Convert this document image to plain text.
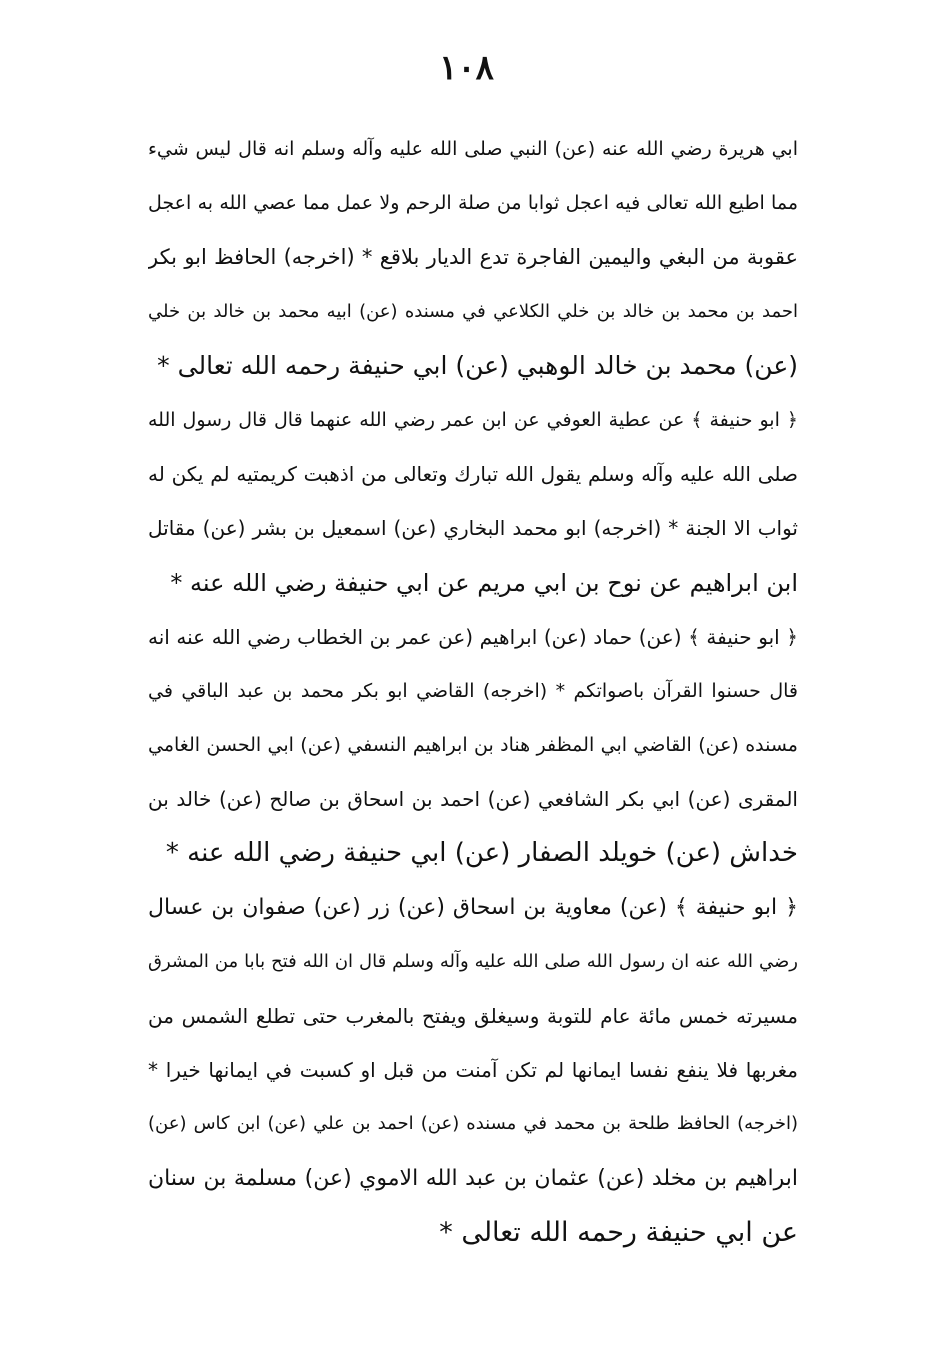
١٠٨
ابي هريرة رضي الله عنه (عن) النبي صلى الله عليه وآله وسلم انه قال ليس شيء
مما اطيع الله تعالى فيه اعجل ثوابا من صلة الرحم ولا عمل مما عصي الله به اعجل
عقوبة من البغي واليمين الفاجرة تدع الديار بلاقع * (اخرجه) الحافظ ابو بكر
احمد بن محمد بن خالد بن خلي الكلاعي في مسنده (عن) ابيه محمد بن خالد بن خلي
(عن) محمد بن خالد الوهبي (عن) ابي حنيفة رحمه الله تعالى *
﴿ ابو حنيفة ﴾ عن عطية العوفي عن ابن عمر رضي الله عنهما قال قال رسول الله
صلى الله عليه وآله وسلم يقول الله تبارك وتعالى من اذهبت كريمتيه لم يكن له
ثواب الا الجنة * (اخرجه) ابو محمد البخاري (عن) اسمعيل بن بشر (عن) مقاتل
ابن ابراهيم عن نوح بن ابي مريم عن ابي حنيفة رضي الله عنه *
﴿ ابو حنيفة ﴾ (عن) حماد (عن) ابراهيم (عن عمر بن الخطاب رضي الله عنه انه
قال حسنوا القرآن باصواتكم * (اخرجه) القاضي ابو بكر محمد بن عبد الباقي في
مسنده (عن) القاضي ابي المظفر هناد بن ابراهيم النسفي (عن) ابي الحسن الغامي
المقرى (عن) ابي بكر الشافعي (عن) احمد بن اسحاق بن صالح (عن) خالد بن
خداش (عن) خويلد الصفار (عن) ابي حنيفة رضي الله عنه *
﴿ ابو حنيفة ﴾ (عن) معاوية بن اسحاق (عن) زر (عن) صفوان بن عسال
رضي الله عنه ان رسول الله صلى الله عليه وآله وسلم قال ان الله فتح بابا من المشرق
مسيرته خمس مائة عام للتوبة وسيغلق ويفتح بالمغرب حتى تطلع الشمس من
مغربها فلا ينفع نفسا ايمانها لم تكن آمنت من قبل او كسبت في ايمانها خيرا *
(اخرجه) الحافظ طلحة بن محمد في مسنده (عن) احمد بن علي (عن) ابن كاس (عن)
ابراهيم بن مخلد (عن) عثمان بن عبد الله الاموي (عن) مسلمة بن سنان
عن ابي حنيفة رحمه الله تعالى *
